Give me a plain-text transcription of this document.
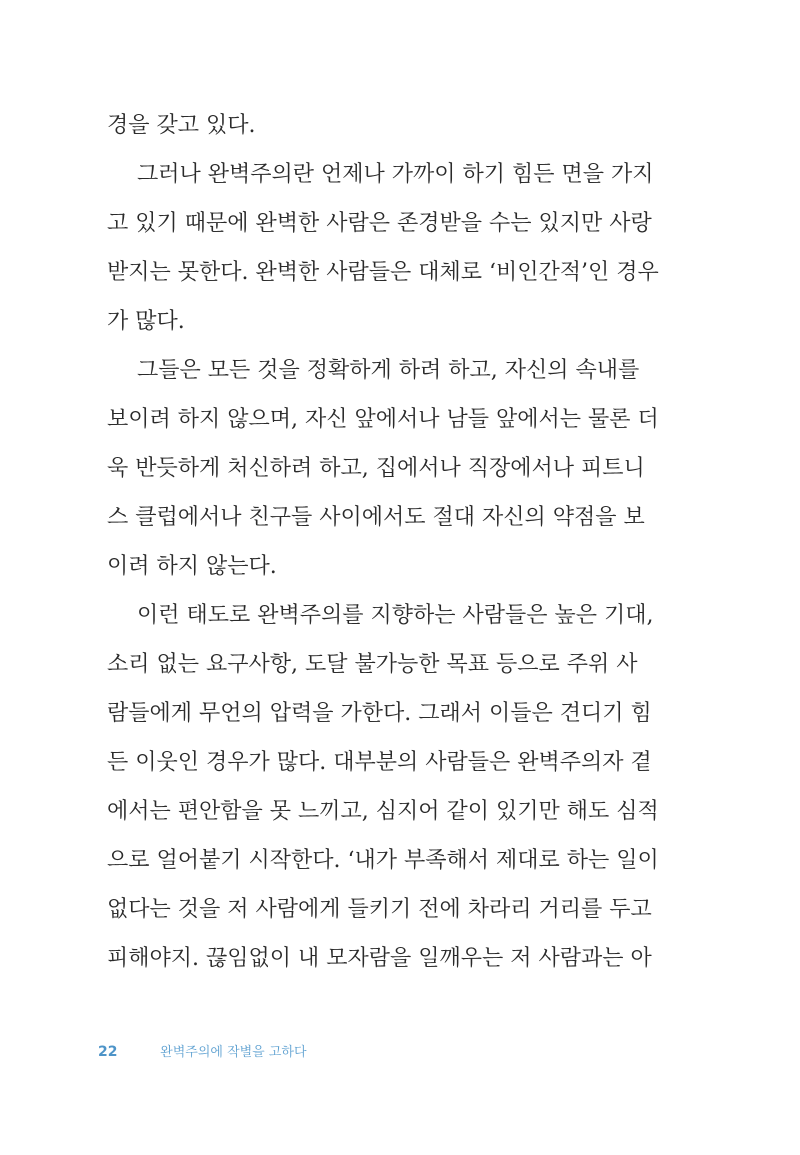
경을 갖고 있다.
그러나 완벽주의란 언제나 가까이 하기 힘든 면을 가지
고 있기 때문에 완벽한 사람은 존경받을 수는 있지만 사랑
받지는 못한다. 완벽한 사람들은 대체로 ‘비인간적’인 경우
가 많다.
그들은 모든 것을 정확하게 하려 하고, 자신의 속내를
보이려 하지 않으며, 자신 앞에서나 남들 앞에서는 물론 더
욱 반듯하게 처신하려 하고, 집에서나 직장에서나 피트니
스 클럽에서나 친구들 사이에서도 절대 자신의 약점을 보
이려 하지 않는다.
이런 태도로 완벽주의를 지향하는 사람들은 높은 기대,
소리 없는 요구사항, 도달 불가능한 목표 등으로 주위 사
람들에게 무언의 압력을 가한다. 그래서 이들은 견디기 힘
든 이웃인 경우가 많다. 대부분의 사람들은 완벽주의자 곁
에서는 편안함을 못 느끼고, 심지어 같이 있기만 해도 심적
으로 얼어붙기 시작한다. ‘내가 부족해서 제대로 하는 일이
없다는 것을 저 사람에게 들키기 전에 차라리 거리를 두고
피해야지. 끊임없이 내 모자람을 일깨우는 저 사람과는 아
22	완벽주의에 작별을 고하다
